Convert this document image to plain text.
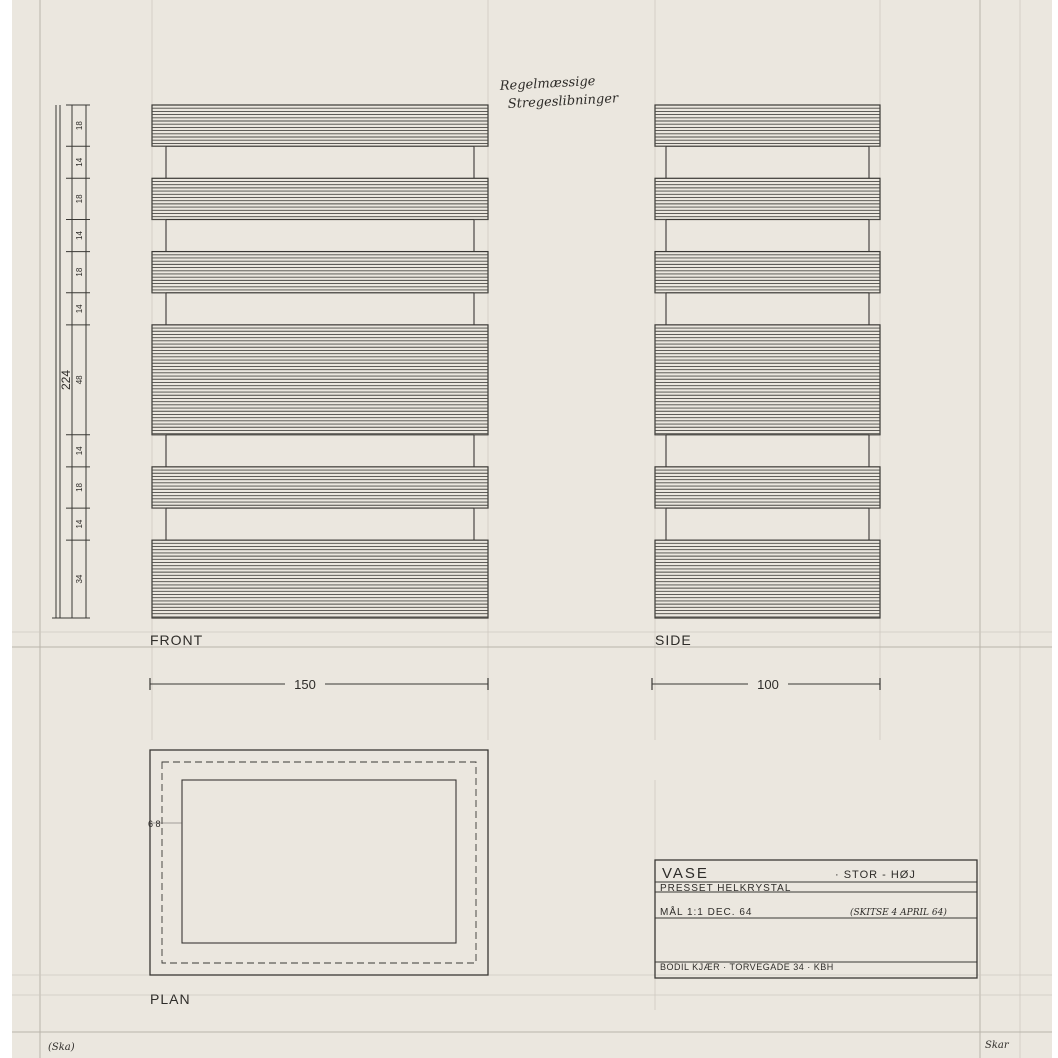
Regelmæssige
Stregeslibninger
224
18
14
18
14
18
14
48
14
18
14
34
FRONT	SIDE
150	100
6 8
PLAN
VASE	· STOR - HØJ
PRESSET HELKRYSTAL
MÅL 1:1 DEC. 64	(SKITSE 4 APRIL 64)
BODIL KJÆR · TORVEGADE 34 · KBH
(Ska)	Skar
